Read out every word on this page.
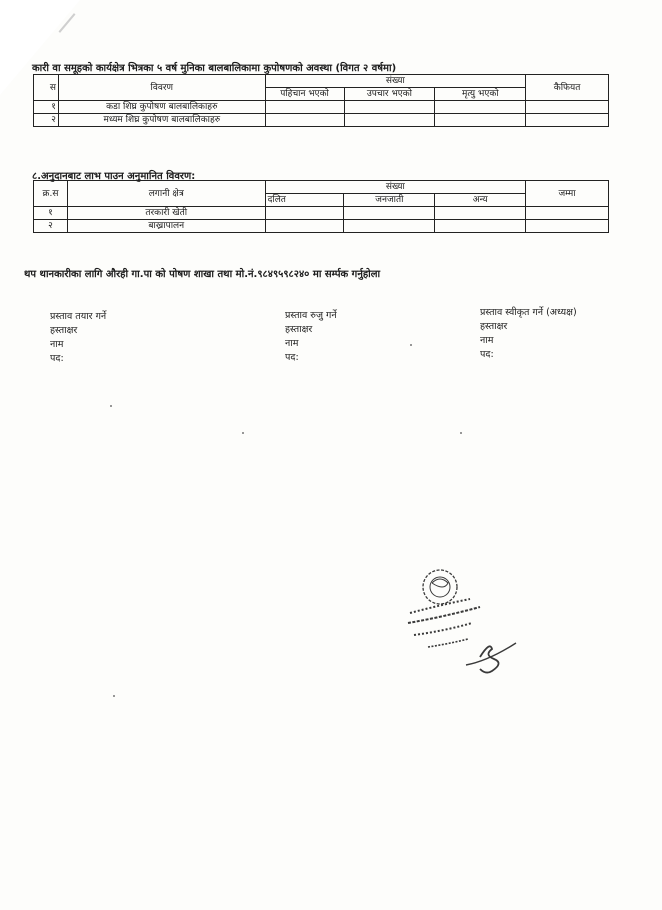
कारी वा समूहको कार्यक्षेत्र भित्रका ५ वर्ष मुनिका बालबालिकामा कुपोषणको अवस्था (विगत २ वर्षमा)
स	विवरण	संख्या			कैफियत
		पहिचान भएको	उपचार भएको	मृत्यु भएको	
१	कडा शिघ्र कुपोषण बालबालिकाहरु				
२	मध्यम शिघ्र कुपोषण बालबालिकाहरु				
८.अनुदानबाट लाभ पाउन अनुमानित विवरण:
क्र.स	लगानी क्षेत्र	संख्या			जम्मा
		दलित	जनजाती	अन्य	
१	तरकारी खेती				
२	बाख्रापालन				
थप थानकारीका लागि औरही गा.पा को पोषण शाखा तथा मो.नं.९८४९५९८२४० मा सर्म्पक गर्नुहोला
प्रस्ताव तयार गर्ने
हस्ताक्षर
नाम
पद:
प्रस्ताव रुजु गर्ने
हस्ताक्षर
नाम
पद:
प्रस्ताव स्वीकृत गर्ने (अध्यक्ष)
हस्ताक्षर
नाम
पद:
